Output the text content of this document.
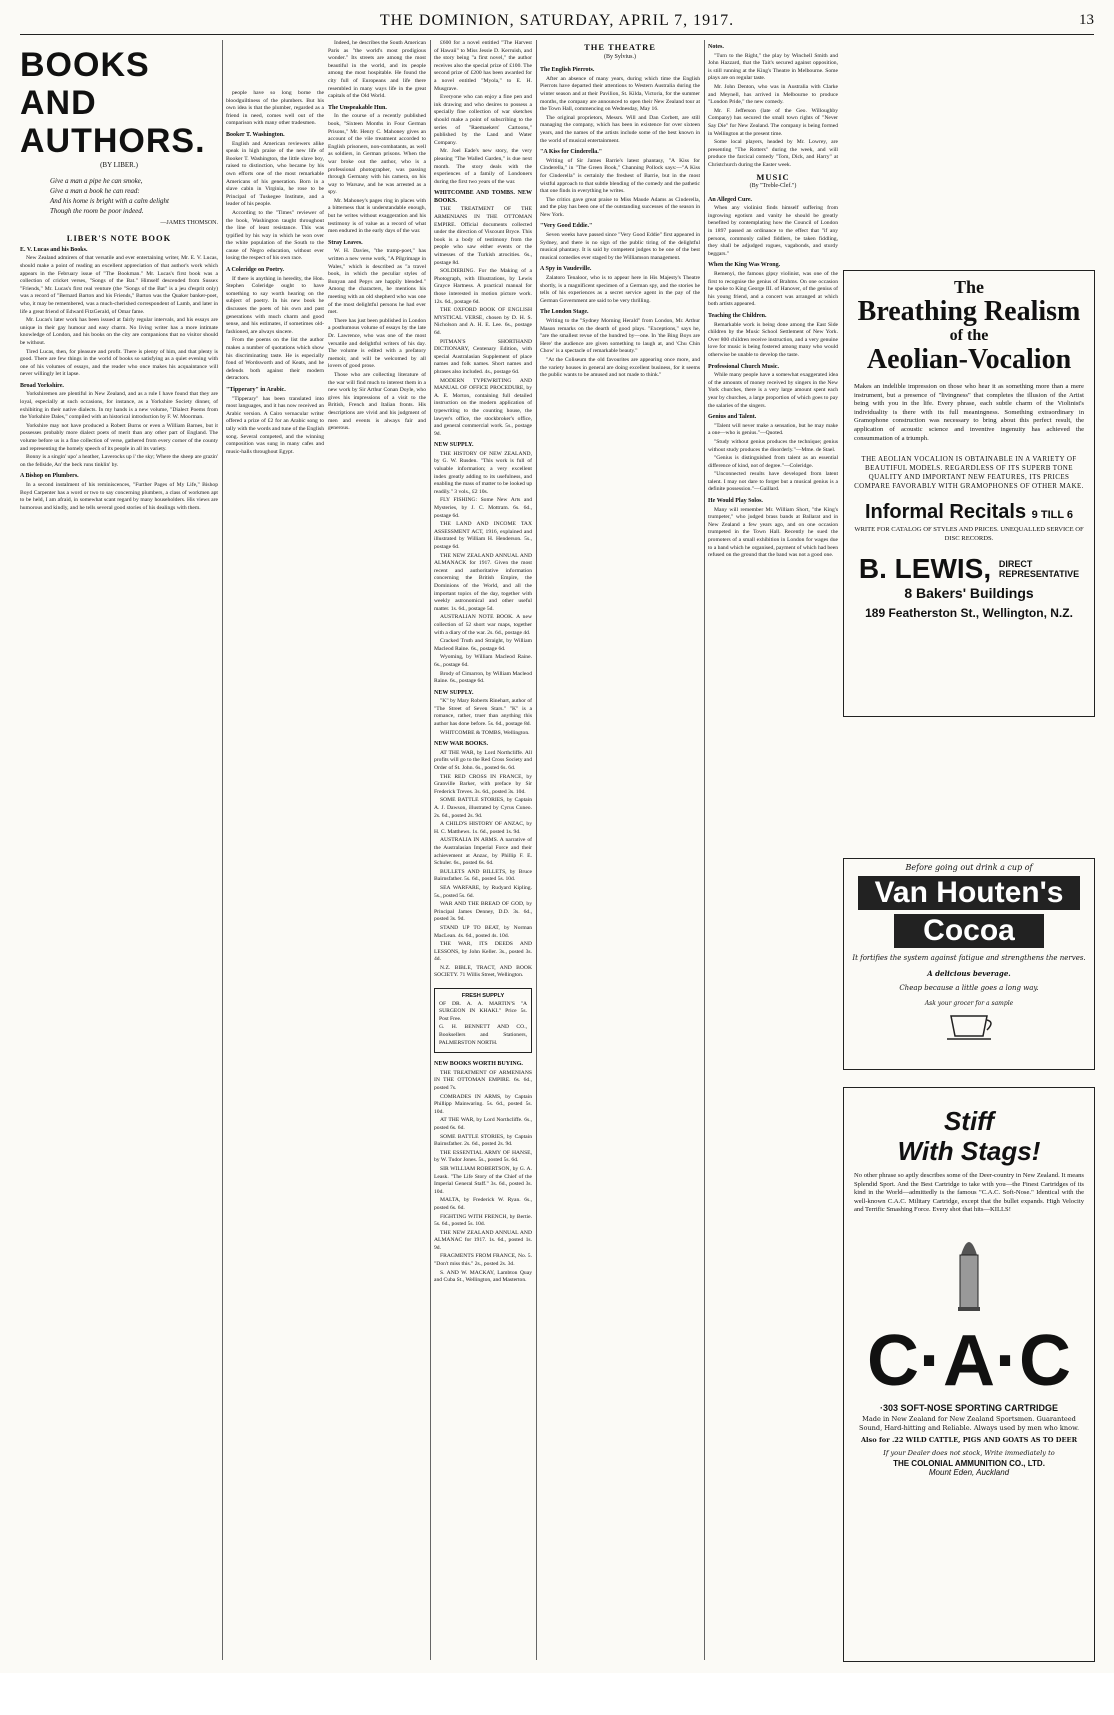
THE DOMINION, SATURDAY, APRIL 7, 1917.	13
BOOKS AND AUTHORS.
(BY LIBER.)
Give a man a pipe he can smoke,
Give a man a book he can read:
And his home is bright with a calm delight
Though the room be poor indeed.
—JAMES THOMSON.
LIBER'S NOTE BOOK

E. V. Lucas and his Books.

New Zealand admirers of that versatile and ever entertaining writer, Mr. E. V. Lucas, should make a point of reading an excellent appreciation of that author's work which appears in the February issue of "The Bookman." Mr. Lucas's first book was a collection of cricket verses, "Songs of the Bat." Himself descended from Sussex "Friends," Mr. Lucas's first real venture (the "Songs of the Bat" is a jeu d'esprit only) was a record of "Bernard Barton and his Friends," Barton was the Quaker banker-poet, who, it may be remembered, was a much-cherished correspondent of Lamb, and later in life a great friend of Edward FitzGerald, of Omar fame.

Mr. Lucas's later work has been issued at fairly regular intervals, and his essays are unique in their gay humour and easy charm. No living writer has a more intimate knowledge of London, and his books on the city are companions that no visitor should be without.

Tired Lucas, then, for pleasure and profit. There is plenty of him, and that plenty is good. There are few things in the world of books so satisfying as a quiet evening with one of his volumes of essays, and the reader who once makes his acquaintance will never willingly let it lapse.

Broad Yorkshire.

Yorkshiremen are plentiful in New Zealand, and as a rule I have found that they are loyal, especially at such occasions, for instance, as a Yorkshire Society dinner, of exhibiting in their native dialects. In my hands is a new volume, "Dialect Poems from the Yorkshire Dales," compiled with an historical introduction by F. W. Moorman.

Yorkshire may not have produced a Robert Burns or even a William Barnes, but it possesses probably more dialect poets of merit than any other part of England. The volume before us is a fine collection of verse, gathered from every corner of the county and representing the homely speech of its people in all its variety.

Bonny is a singin' upo' a heather, Laverocks up i' the sky; Where the sheep are grazin' on the fellside, An' the beck runs tinklin' by.

A Bishop on Plumbers.

In a second instalment of his reminiscences, "Further Pages of My Life," Bishop Boyd Carpenter has a word or two to say concerning plumbers, a class of workmen apt to be held, I am afraid, in somewhat scant regard by many householders. His views are humorous and kindly, and he tells several good stories of his dealings with them.

people have so long borne the bloodguiltiness of the plumbers. But his own idea is that the plumber, regarded as a friend in need, comes well out of the comparison with many other tradesmen.

Booker T. Washington.

English and American reviewers alike speak in high praise of the new life of Booker T. Washington, the little slave boy, raised to distinction, who became by his own efforts one of the most remarkable Americans of his generation. Born in a slave cabin in Virginia, he rose to be Principal of Tuskegee Institute, and a leader of his people.

According to the "Times" reviewer of the book, Washington taught throughout the line of least resistance. This was typified by his way in which he won over the white population of the South to the cause of Negro education, without ever losing the respect of his own race.

A Coleridge on Poetry.

If there is anything in heredity, the Hon. Stephen Coleridge ought to have something to say worth hearing on the subject of poetry. In his new book he discusses the poets of his own and past generations with much charm and good sense, and his estimates, if sometimes old-fashioned, are always sincere.

From the poems on the list the author makes a number of quotations which show his discriminating taste. He is especially fond of Wordsworth and of Keats, and he defends both against their modern detractors.

"Tipperary" in Arabic.

"Tipperary" has been translated into most languages, and it has now received an Arabic version. A Cairo vernacular writer offered a prize of £2 for an Arabic song to tally with the words and tune of the English song. Several competed, and the winning composition was sung in many cafes and music-halls throughout Egypt.

Indeed, he describes the South American Paris as "the world's most prodigious wonder." Its streets are among the most beautiful in the world, and its people among the most hospitable. He found the city full of Europeans and life there resembled in many ways life in the great capitals of the Old World.

The Unspeakable Hun.

In the course of a recently published book, "Sixteen Months in Four German Prisons," Mr. Henry C. Mahoney gives an account of the vile treatment accorded to English prisoners, non-combatants, as well as soldiers, in German prisons. When the war broke out the author, who is a professional photographer, was passing through Germany with his camera, on his way to Warsaw, and he was arrested as a spy.

Mr. Mahoney's pages ring in places with a bitterness that is understandable enough, but he writes without exaggeration and his testimony is of value as a record of what men endured in the early days of the war.

Stray Leaves.

W. H. Davies, "the tramp-poet," has written a new verse work, "A Pilgrimage in Wales," which is described as "a travel book, in which the peculiar styles of Bunyan and Pepys are happily blended." Among the characters, he mentions his meeting with an old shepherd who was one of the most delightful persons he had ever met.

There has just been published in London a posthumous volume of essays by the late Dr. Lawrence, who was one of the most versatile and delightful writers of his day. The volume is edited with a prefatory memoir, and will be welcomed by all lovers of good prose.

Those who are collecting literature of the war will find much to interest them in a new work by Sir Arthur Conan Doyle, who gives his impressions of a visit to the British, French and Italian fronts. His descriptions are vivid and his judgment of men and events is always fair and generous.

£600 for a novel entitled "The Harvest of Hawaii" to Miss Jessie D. Kerruish, and the story being "a first novel," the author receives also the special prize of £100. The second prize of £200 has been awarded for a novel entitled "Myola," to E. H. Musgrave.

Everyone who can enjoy a fine pen and ink drawing and who desires to possess a specially fine collection of war sketches should make a point of subscribing to the series of "Raemaekers' Cartoons," published by the Land and Water Company.

Mr. Joel Eade's new story, the very pleasing "The Walled Garden," is due next month. The story deals with the experiences of a family of Londoners during the first two years of the war.

WHITCOMBE AND TOMBS. NEW BOOKS.

THE TREATMENT OF THE ARMENIANS IN THE OTTOMAN EMPIRE. Official documents collected under the direction of Viscount Bryce. This book is a body of testimony from the people who saw either events or the witnesses of the Turkish atrocities. 6s., postage 8d.

SOLDIERING. For the Making of a Photograph, with Illustrations, by Lewis Grayce Hartness. A practical manual for those interested in motion picture work. 12s. 6d., postage 6d.

THE OXFORD BOOK OF ENGLISH MYSTICAL VERSE, chosen by D. H. S. Nicholson and A. H. E. Lee. 6s., postage 6d.

PITMAN'S SHORTHAND DICTIONARY, Centenary Edition, with special Australasian Supplement of place names and folk names. Short names and phrases also included. 4s., postage 6d.

MODERN TYPEWRITING AND MANUAL OF OFFICE PROCEDURE, by A. E. Morton, containing full detailed instruction on the modern application of typewriting to the counting house, the lawyer's office, the stockbroker's office, and general commercial work. 5s., postage 9d.

NEW SUPPLY.

THE HISTORY OF NEW ZEALAND, by G. W. Rusden. "This work is full of valuable information; a very excellent index greatly adding to its usefulness, and enabling the mass of matter to be looked up readily." 3 vols., £2 10s.

FLY FISHING: Some New Arts and Mysteries, by J. C. Mottram. 6s. 6d., postage 6d.

THE LAND AND INCOME TAX ASSESSMENT ACT, 1916, explained and illustrated by William H. Henderson. 5s., postage 6d.

THE NEW ZEALAND ANNUAL AND ALMANACK for 1917. Given the most recent and authoritative information concerning the British Empire, the Dominions of the World, and all the important topics of the day, together with weekly astronomical and other useful matter. 1s. 6d., postage 5d.

AUSTRALIAN NOTE BOOK. A new collection of 52 short war maps, together with a diary of the war. 2s. 6d., postage 4d.

Cracked Truth and Straight, by William Macleod Raine. 6s., postage 6d.

Wyoming, by William Macleod Raine. 6s., postage 6d.

Brody of Cimarron, by William Macleod Raine. 6s., postage 6d.

NEW SUPPLY.

"K" by Mary Roberts Rinehart, author of "The Street of Seven Stars." "K" is a romance, rather, truer than anything this author has done before. 5s. 6d., postage 8d.

WHITCOMBE & TOMBS, Wellington.

NEW WAR BOOKS.

AT THE WAR, by Lord Northcliffe. All profits will go to the Red Cross Society and Order of St. John. 6s., posted 6s. 6d.

THE RED CROSS IN FRANCE, by Granville Barker, with preface by Sir Frederick Treves. 3s. 6d., posted 3s. 10d.

SOME BATTLE STORIES, by Captain A. J. Dawson, illustrated by Cyrus Cuneo. 2s. 6d., posted 2s. 9d.

A CHILD'S HISTORY OF ANZAC, by H. C. Matthews. 1s. 6d., posted 1s. 9d.

AUSTRALIA IN ARMS. A narrative of the Australasian Imperial Force and their achievement at Anzac, by Phillip F. E. Schuler. 6s., posted 6s. 6d.

BULLETS AND BILLETS, by Bruce Bairnsfather. 5s. 6d., posted 5s. 10d.

SEA WARFARE, by Rudyard Kipling. 5s., posted 5s. 6d.

WAR AND THE BREAD OF GOD, by Principal James Denney, D.D. 3s. 6d., posted 3s. 9d.

STAND UP TO BEAT, by Norman MacLean. 4s. 6d., posted 4s. 10d.

THE WAR, ITS DEEDS AND LESSONS, by John Keller. 3s., posted 3s. 4d.

N.Z. BIBLE, TRACT, AND BOOK SOCIETY. 71 Willis Street, Wellington.

FRESH SUPPLY

OF DR. A. A. MARTIN'S "A SURGEON IN KHAKI." Price 5s. Post Free.

G. H. BENNETT AND CO., Booksellers and Stationers, PALMERSTON NORTH.

NEW BOOKS WORTH BUYING.

THE TREATMENT OF ARMENIANS IN THE OTTOMAN EMPIRE. 6s. 6d., posted 7s.

COMRADES IN ARMS, by Captain Phillipp Mainwaring. 5s. 6d., posted 5s. 10d.

AT THE WAR, by Lord Northcliffe. 6s., posted 6s. 6d.

SOME BATTLE STORIES, by Captain Bairnsfather. 2s. 6d., posted 2s. 9d.

THE ESSENTIAL ARMY OF HANSE, by W. Tudor Jones. 5s., posted 5s. 6d.

SIR WILLIAM ROBERTSON, by G. A. Leask. "The Life Story of the Chief of the Imperial General Staff." 3s. 6d., posted 3s. 10d.

MALTA, by Frederick W. Ryan. 6s., posted 6s. 6d.

FIGHTING WITH FRENCH, by Bertie. 5s. 6d., posted 5s. 10d.

THE NEW ZEALAND ANNUAL AND ALMANAC for 1917. 1s. 6d., posted 1s. 9d.

FRAGMENTS FROM FRANCE, No. 5. "Don't miss this." 2s., posted 2s. 3d.

S. AND W. MACKAY, Lambton Quay and Cuba St., Wellington, and Masterton.

THE THEATRE
(By Sylvius.)

The English Pierrots.

After an absence of many years, during which time the English Pierrots have departed their attentions to Western Australia during the winter season and at their Pavilion, St. Kilda, Victoria, for the summer months, the company are announced to open their New Zealand tour at the Town Hall, commencing on Wednesday, May 16.

The original proprietors, Messrs. Will and Dan Corbett, are still managing the company, which has been in existence for over sixteen years, and the names of the artists include some of the best known in the world of musical entertainment.

"A Kiss for Cinderella."

Writing of Sir James Barrie's latest phantasy, "A Kiss for Cinderella," in "The Green Book," Channing Pollock says:—"A Kiss for Cinderella" is certainly the freshest of Barrie, but in the most wistful approach to that subtle blending of the comedy and the pathetic that one finds in everything he writes.

The critics gave great praise to Miss Maude Adams as Cinderella, and the play has been one of the outstanding successes of the season in New York.

"Very Good Eddie."

Seven weeks have passed since "Very Good Eddie" first appeared in Sydney, and there is no sign of the public tiring of the delightful musical phantasy. It is said by competent judges to be one of the best musical comedies ever staged by the Williamson management.

A Spy in Vaudeville.

Zalatoro Tenaloor, who is to appear here in His Majesty's Theatre shortly, is a magnificent specimen of a German spy, and the stories he tells of his experiences as a secret service agent in the pay of the German Government are said to be very thrilling.

The London Stage.

Writing to the "Sydney Morning Herald" from London, Mr. Arthur Mason remarks on the dearth of good plays. "Exceptions," says he, "are the smallest revue of the hundred by—one. In 'the Bing Boys are Here' the audience are given something to laugh at, and 'Chu Chin Chow' is a spectacle of remarkable beauty."

"At the Coliseum the old favourites are appearing once more, and the variety houses in general are doing excellent business, for it seems the public wants to be amused and not made to think."

Notes.

"Turn to the Right," the play by Winchell Smith and John Hazzard, that the Tait's secured against opposition, is still running at the King's Theatre in Melbourne. Some plays are on regular taste.

Mr. John Denton, who was in Australia with Clarke and Meynell, has arrived in Melbourne to produce "London Pride," the new comedy.

Mr. F. Jefferson (late of the Geo. Willoughby Company) has secured the small town rights of "Never Say Die" for New Zealand. The company is being formed in Wellington at the present time.

Some local players, headed by Mr. Lowrey, are presenting "The Rotters" during the week, and will produce the farcical comedy "Tom, Dick, and Harry" at Christchurch during the Easter week.

MUSIC
(By "Treble-Clef.")

An Alleged Cure.

When any violinist finds himself suffering from ingrowing egotism and vanity he should be greatly benefited by contemplating how the Council of London in 1897 passed an ordinance to the effect that "if any persons, commonly called fiddlers, be taken fiddling, they shall be adjudged rogues, vagabonds, and sturdy beggars."

When the King Was Wrong.

Remenyi, the famous gipsy violinist, was one of the first to recognise the genius of Brahms. On one occasion he spoke to King George III. of Hanover, of the genius of his young friend, and a concert was arranged at which both artists appeared.

Teaching the Children.

Remarkable work is being done among the East Side children by the Music School Settlement of New York. Over 800 children receive instruction, and a very genuine love for music is being fostered among many who would otherwise be unable to develop the taste.

Professional Church Music.

While many people have a somewhat exaggerated idea of the amounts of money received by singers in the New York churches, there is a very large amount spent each year by churches, a large proportion of which goes to pay the salaries of the singers.

Genius and Talent.

"Talent will never make a sensation, but he may make a one—who is genius."—Quoted.

"Study without genius produces the technique; genius without study produces the disorderly."—Mme. de Stael.

"Genius is distinguished from talent as an essential difference of kind, not of degree."—Coleridge.

"Unconnected results have developed from latent talent. I may not dare to forget but a musical genius is a definite possession."—Gaillard.

He Would Play Solos.

Many will remember Mr. William Short, "the King's trumpeter," who judged brass bands at Ballarat and in New Zealand a few years ago, and on one occasion trumpeted in the Town Hall. Recently he sued the promoters of a small exhibition in London for wages due to a band which he organised, payment of which had been refused on the ground that the band was not a good one.

The
Breathing Realism
of the
Aeolian-Vocalion
Makes an indelible impression on those who hear it as something more than a mere instrument, but a presence of "livingness" that completes the illusion of the Artist being with you in the life. Every phrase, each subtle charm of the Violinist's individuality is there with its full meaningness. Something extraordinary in Gramophone construction was necessary to bring about this perfect result, the application of acoustic science and inventive ingenuity has achieved the consummation of a triumph.
THE AEOLIAN VOCALION IS OBTAINABLE IN A VARIETY OF BEAUTIFUL MODELS. REGARDLESS OF ITS SUPERB TONE QUALITY AND IMPORTANT NEW FEATURES, ITS PRICES COMPARE FAVORABLY WITH GRAMOPHONES OF OTHER MAKE.
Informal Recitals 9 TILL 6
WRITE FOR CATALOG OF STYLES AND PRICES. UNEQUALLED SERVICE OF DISC RECORDS.
B. LEWIS, DIRECT
REPRESENTATIVE
8 Bakers' Buildings
189 Featherston St., Wellington, N.Z.
Before going out drink a cup of
Van Houten's
Cocoa
It fortifies the system against fatigue and strengthens the nerves.
A delicious beverage.
Cheap because a little goes a long way.
Ask your grocer for a sample
Stiff
With Stags!
No other phrase so aptly describes some of the Deer-country in New Zealand. It means Splendid Sport. And the Best Cartridge to take with you—the Finest Cartridges of its kind in the World—admittedly is the famous "C.A.C. Soft-Nose." Identical with the well-known C.A.C. Military Cartridge, except that the bullet expands. High Velocity and Terrific Smashing Force. Every shot that hits—KILLS!
C·A·C
·303 SOFT-NOSE SPORTING CARTRIDGE
Made in New Zealand for New Zealand Sportsmen. Guaranteed Sound, Hard-hitting and Reliable. Always used by men who know.
Also for .22 WILD CATTLE, PIGS AND GOATS AS TO DEER
If your Dealer does not stock, Write immediately to
THE COLONIAL AMMUNITION CO., LTD.
Mount Eden, Auckland
